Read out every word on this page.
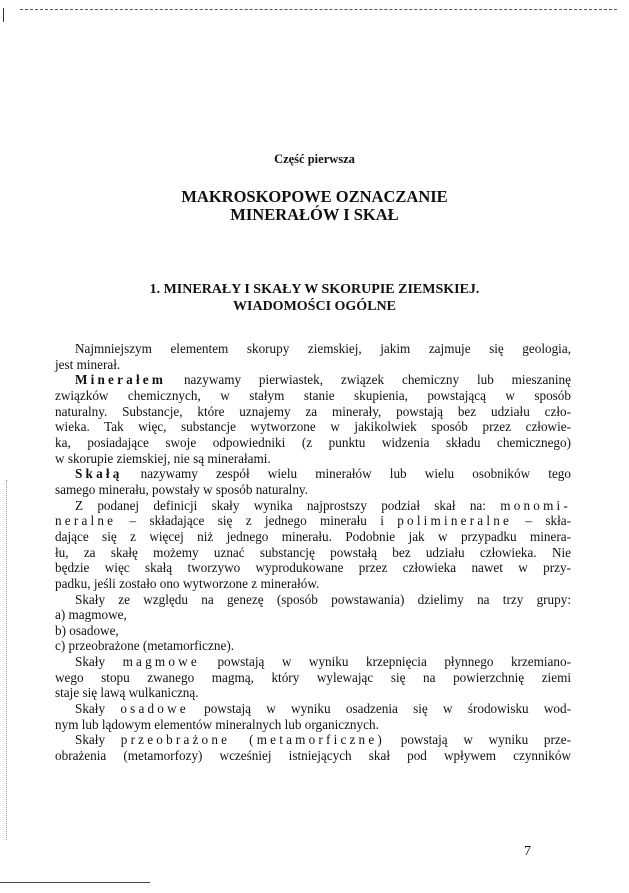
Część pierwsza
MAKROSKOPOWE OZNACZANIE
MINERAŁÓW I SKAŁ
1. MINERAŁY I SKAŁY W SKORUPIE ZIEMSKIEJ.
WIADOMOŚCI OGÓLNE
Najmniejszym elementem skorupy ziemskiej, jakim zajmuje się geologia,
jest minerał.
Minerałem nazywamy pierwiastek, związek chemiczny lub mieszaninę
związków chemicznych, w stałym stanie skupienia, powstającą w sposób
naturalny. Substancje, które uznajemy za minerały, powstają bez udziału czło-
wieka. Tak więc, substancje wytworzone w jakikolwiek sposób przez człowie-
ka, posiadające swoje odpowiedniki (z punktu widzenia składu chemicznego)
w skorupie ziemskiej, nie są minerałami.
Skałą nazywamy zespół wielu minerałów lub wielu osobników tego
samego minerału, powstały w sposób naturalny.
Z podanej definicji skały wynika najprostszy podział skał na: monomi-
neralne – składające się z jednego minerału i polimineralne – skła-
dające się z więcej niż jednego minerału. Podobnie jak w przypadku minera-
łu, za skałę możemy uznać substancję powstałą bez udziału człowieka. Nie
będzie więc skałą tworzywo wyprodukowane przez człowieka nawet w przy-
padku, jeśli zostało ono wytworzone z minerałów.
Skały ze względu na genezę (sposób powstawania) dzielimy na trzy grupy:
a) magmowe,
b) osadowe,
c) przeobrażone (metamorficzne).
Skały magmowe powstają w wyniku krzepnięcia płynnego krzemiano-
wego stopu zwanego magmą, który wylewając się na powierzchnię ziemi
staje się lawą wulkaniczną.
Skały osadowe powstają w wyniku osadzenia się w środowisku wod-
nym lub lądowym elementów mineralnych lub organicznych.
Skały przeobrażone (metamorficzne) powstają w wyniku prze-
obrażenia (metamorfozy) wcześniej istniejących skał pod wpływem czynników
7
